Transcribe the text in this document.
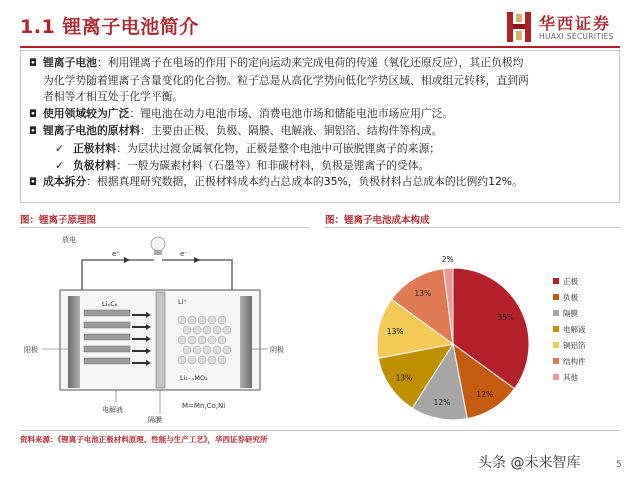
1.1 锂离子电池简介	华西证券
HUAXI SECURITIES
◘ 锂离子电池：利用锂离子在电场的作用下的定向运动来完成电荷的传递（氧化还原反应），其正负极均
为化学势随着锂离子含量变化的化合物。粒子总是从高化学势向低化学势区域、相或组元转移，直到两
者相等才相互处于化学平衡。
◘ 使用领域较为广泛：锂电池在动力电池市场、消费电池市场和储能电池市场应用广泛。
◘ 锂离子电池的原材料：主要由正极、负极、隔膜、电解液、铜铝箔、结构件等构成。
✓ 正极材料：为层状过渡金属氧化物，正极是整个电池中可嵌脱锂离子的来源；
✓ 负极材料：一般为碳素材料（石墨等）和非碳材料，负极是锂离子的受体。
◘ 成本拆分：根据真理研究数据，正极材料成本约占总成本的35%，负极材料占总成本的比例约12%。
图：锂离子原理图	图：锂离子电池成本构成
放电
e⁻	e⁻
LiₓC₆	Li⁺
Li₁₋ₓMO₂
阳极	阴极
电解液
隔膜
M=Mn,Co,Ni
35%
12%
12%
13%
13%
13%
2%
正极
负极
隔膜
电解液
铜铝箔
结构件
其他
资料来源：《锂离子电池正极材料原理、性能与生产工艺》，华西证券研究所
头条 @未来智库	5
